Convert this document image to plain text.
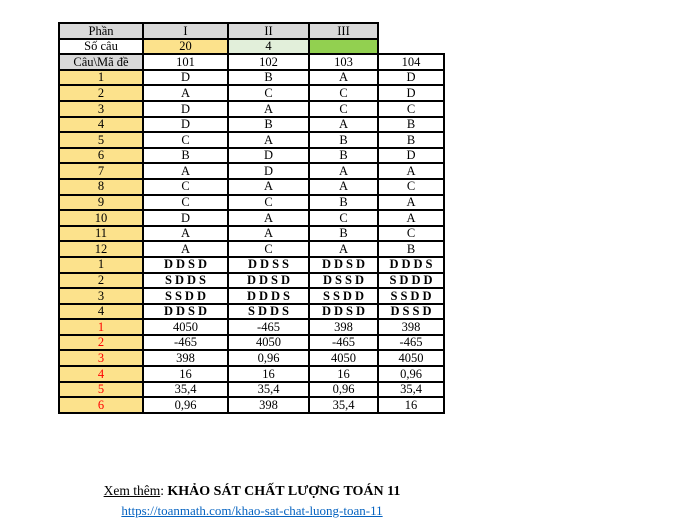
Phần	I	II	III	
Số câu	20	4		
Câu\Mã đề	101	102	103	104
1	D	B	A	D
2	A	C	C	D
3	D	A	C	C
4	D	B	A	B
5	C	A	B	B
6	B	D	B	D
7	A	D	A	A
8	C	A	A	C
9	C	C	B	A
10	D	A	C	A
11	A	A	B	C
12	A	C	A	B
1	DDSD	DDSS	DDSD	DDDS
2	SDDS	DDSD	DSSD	SDDD
3	SSDD	DDDS	SSDD	SSDD
4	DDSD	SDDS	DDSD	DSSD
1	4050	-465	398	398
2	-465	4050	-465	-465
3	398	0,96	4050	4050
4	16	16	16	0,96
5	35,4	35,4	0,96	35,4
6	0,96	398	35,4	16
Xem thêm: KHẢO SÁT CHẤT LƯỢNG TOÁN 11
https://toanmath.com/khao-sat-chat-luong-toan-11
